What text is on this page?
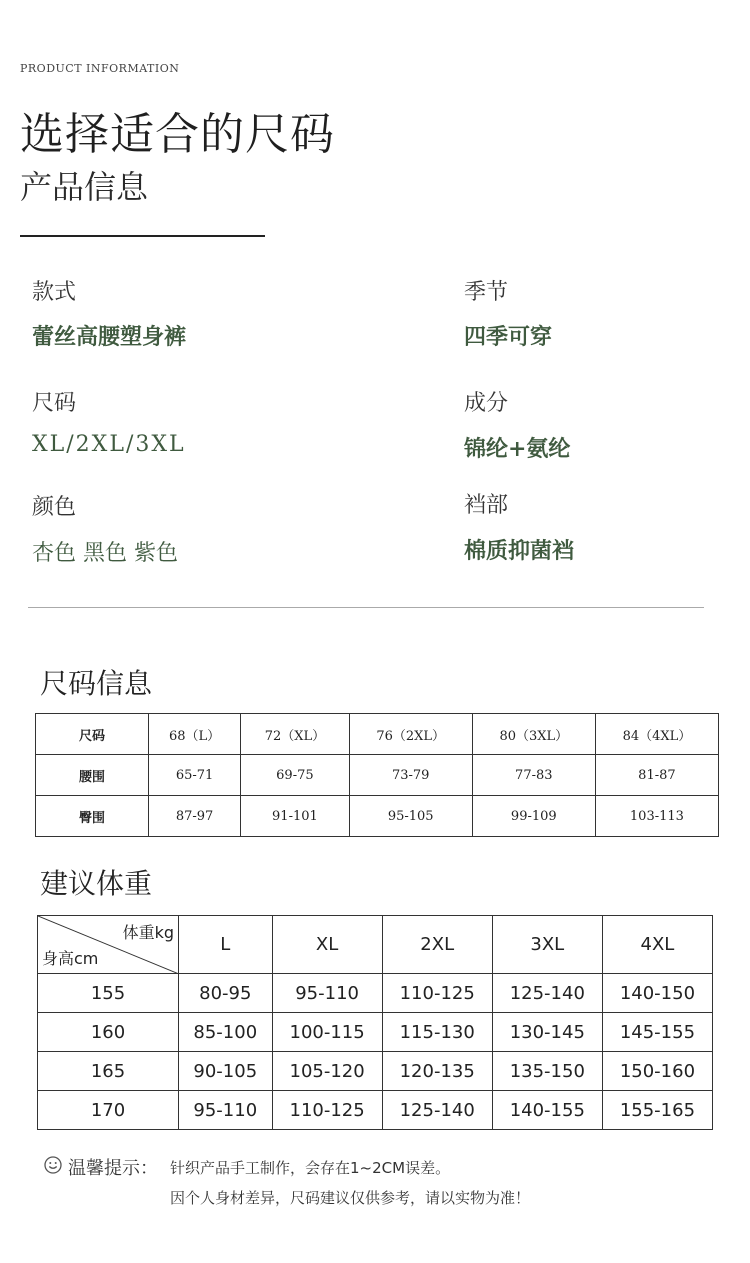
PRODUCT INFORMATION
选择适合的尺码
产品信息
款式
蕾丝高腰塑身裤
季节
四季可穿
尺码
XL/2XL/3XL
成分
锦纶+氨纶
颜色
杏色 黑色 紫色
裆部
棉质抑菌裆
尺码信息
尺码	68（L）	72（XL）	76（2XL）	80（3XL）	84（4XL）
腰围	65-71	69-75	73-79	77-83	81-87
臀围	87-97	91-101	95-105	99-109	103-113
建议体重
体重kg
身高cm	L	XL	2XL	3XL	4XL
155	80-95	95-110	110-125	125-140	140-150
160	85-100	100-115	115-130	130-145	145-155
165	90-105	105-120	120-135	135-150	150-160
170	95-110	110-125	125-140	140-155	155-165
温馨提示： 针织产品手工制作，会存在1~2CM误差。
因个人身材差异，尺码建议仅供参考，请以实物为准！
